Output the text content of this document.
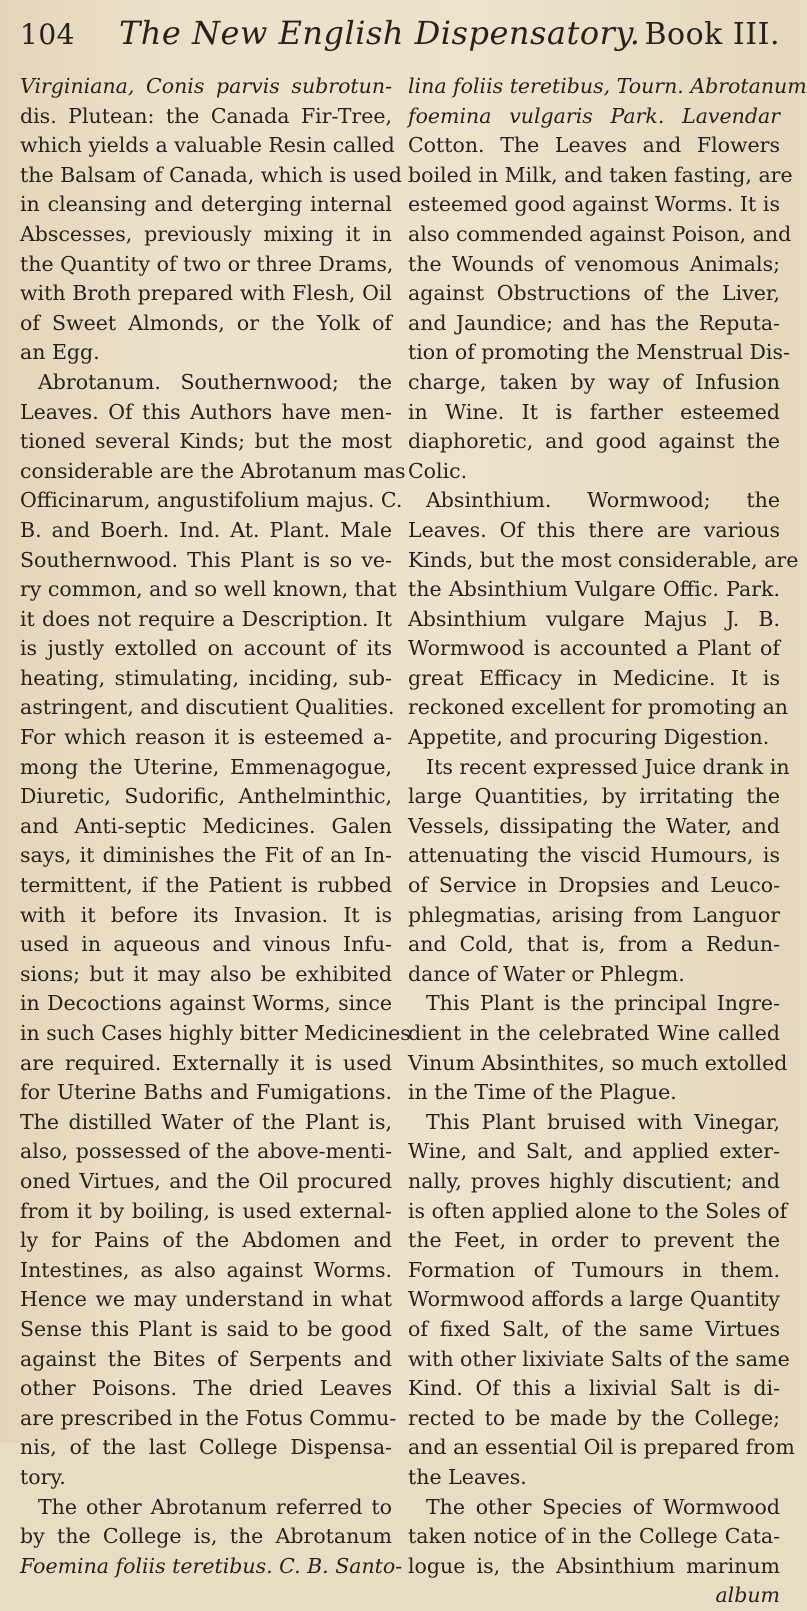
104 The New English Dispensatory. Book III.
Virginiana, Conis parvis subrotun-
dis. Plutean: the Canada Fir-Tree,
which yields a valuable Resin called
the Balsam of Canada, which is used
in cleansing and deterging internal
Abscesses, previously mixing it in
the Quantity of two or three Drams,
with Broth prepared with Flesh, Oil
of Sweet Almonds, or the Yolk of
an Egg.
Abrotanum. Southernwood; the
Leaves. Of this Authors have men-
tioned several Kinds; but the most
considerable are the Abrotanum mas
Officinarum, angustifolium majus. C.
B. and Boerh. Ind. At. Plant. Male
Southernwood. This Plant is so ve-
ry common, and so well known, that
it does not require a Description. It
is justly extolled on account of its
heating, stimulating, inciding, sub-
astringent, and discutient Qualities.
For which reason it is esteemed a-
mong the Uterine, Emmenagogue,
Diuretic, Sudorific, Anthelminthic,
and Anti-septic Medicines. Galen
says, it diminishes the Fit of an In-
termittent, if the Patient is rubbed
with it before its Invasion. It is
used in aqueous and vinous Infu-
sions; but it may also be exhibited
in Decoctions against Worms, since
in such Cases highly bitter Medicines
are required. Externally it is used
for Uterine Baths and Fumigations.
The distilled Water of the Plant is,
also, possessed of the above-menti-
oned Virtues, and the Oil procured
from it by boiling, is used external-
ly for Pains of the Abdomen and
Intestines, as also against Worms.
Hence we may understand in what
Sense this Plant is said to be good
against the Bites of Serpents and
other Poisons. The dried Leaves
are prescribed in the Fotus Commu-
nis, of the last College Dispensa-
tory.
The other Abrotanum referred to
by the College is, the Abrotanum
Foemina foliis teretibus. C. B. Santo-
lina foliis teretibus, Tourn. Abrotanum
foemina vulgaris Park. Lavendar
Cotton. The Leaves and Flowers
boiled in Milk, and taken fasting, are
esteemed good against Worms. It is
also commended against Poison, and
the Wounds of venomous Animals;
against Obstructions of the Liver,
and Jaundice; and has the Reputa-
tion of promoting the Menstrual Dis-
charge, taken by way of Infusion
in Wine. It is farther esteemed
diaphoretic, and good against the
Colic.
Absinthium. Wormwood; the
Leaves. Of this there are various
Kinds, but the most considerable, are
the Absinthium Vulgare Offic. Park.
Absinthium vulgare Majus J. B.
Wormwood is accounted a Plant of
great Efficacy in Medicine. It is
reckoned excellent for promoting an
Appetite, and procuring Digestion.
Its recent expressed Juice drank in
large Quantities, by irritating the
Vessels, dissipating the Water, and
attenuating the viscid Humours, is
of Service in Dropsies and Leuco-
phlegmatias, arising from Languor
and Cold, that is, from a Redun-
dance of Water or Phlegm.
This Plant is the principal Ingre-
dient in the celebrated Wine called
Vinum Absinthites, so much extolled
in the Time of the Plague.
This Plant bruised with Vinegar,
Wine, and Salt, and applied exter-
nally, proves highly discutient; and
is often applied alone to the Soles of
the Feet, in order to prevent the
Formation of Tumours in them.
Wormwood affords a large Quantity
of fixed Salt, of the same Virtues
with other lixiviate Salts of the same
Kind. Of this a lixivial Salt is di-
rected to be made by the College;
and an essential Oil is prepared from
the Leaves.
The other Species of Wormwood
taken notice of in the College Cata-
logue is, the Absinthium marinum
album
